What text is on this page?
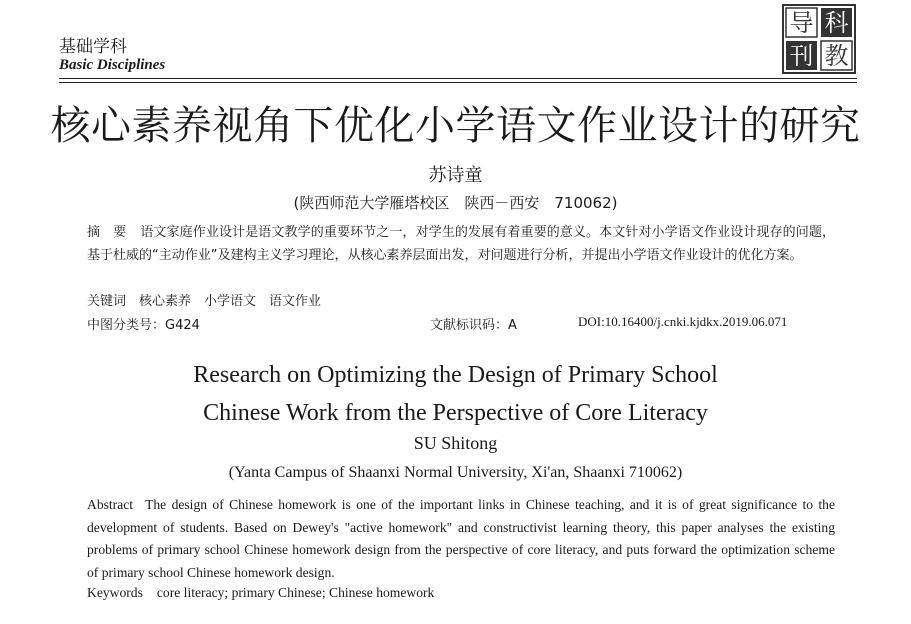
基础学科
Basic Disciplines
导 科
刊 教
核心素养视角下优化小学语文作业设计的研究
苏诗童
(陕西师范大学雁塔校区　陕西－西安　710062)
摘　要 语文家庭作业设计是语文教学的重要环节之一，对学生的发展有着重要的意义。本文针对小学语文作业设计现存的问题，基于杜威的“主动作业”及建构主义学习理论，从核心素养层面出发，对问题进行分析，并提出小学语文作业设计的优化方案。
关键词　核心素养　小学语文　语文作业
中图分类号：G424	文献标识码：A	DOI:10.16400/j.cnki.kjdkx.2019.06.071
Research on Optimizing the Design of Primary School
Chinese Work from the Perspective of Core Literacy
SU Shitong
(Yanta Campus of Shaanxi Normal University, Xi'an, Shaanxi 710062)
Abstract The design of Chinese homework is one of the important links in Chinese teaching, and it is of great significance to the development of students. Based on Dewey's "active homework" and constructivist learning theory, this paper analyses the existing problems of primary school Chinese homework design from the perspective of core literacy, and puts forward the optimization scheme of primary school Chinese homework design.
Keywords core literacy; primary Chinese; Chinese homework
